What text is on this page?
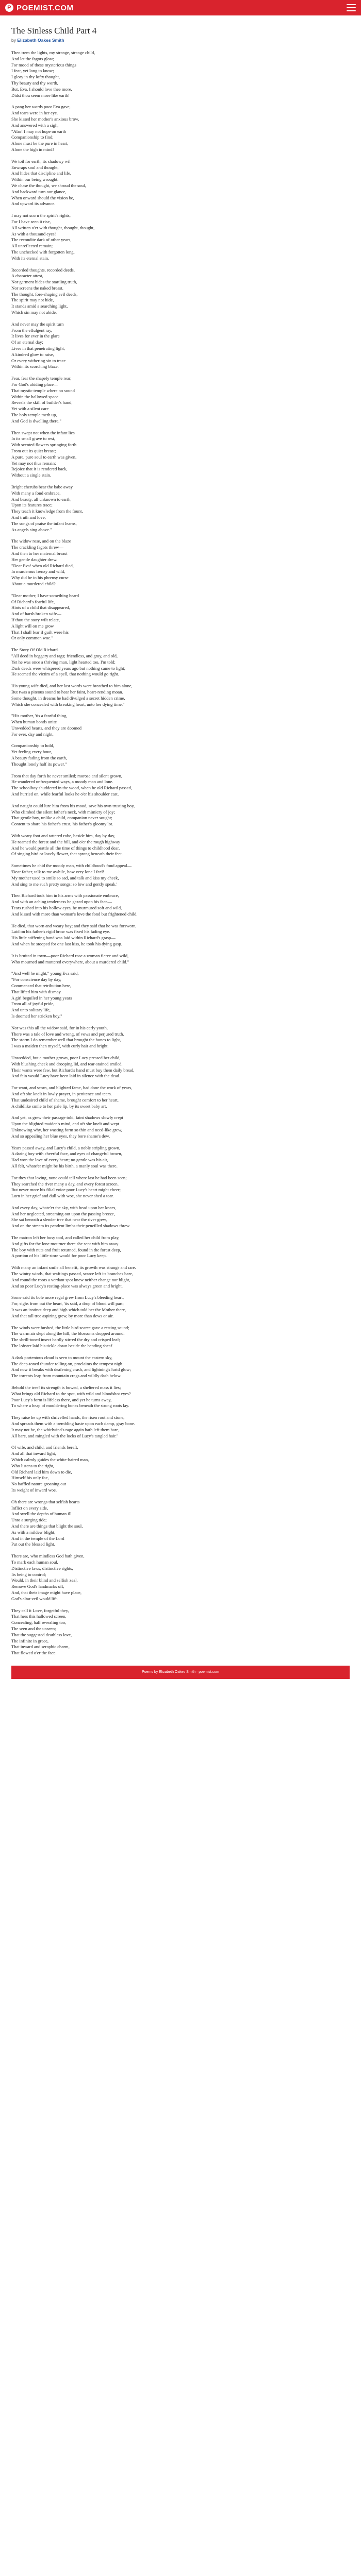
P POEMIST.COM
The Sinless Child Part 4
by Elizabeth Oakes Smith
Then trem the lights, my strange, strange child,
And let the fagots glow;
For mood of these mysterious things
I fear, yet long to know;
I glory in thy lofty thought,
Thy beauty and thy worth,
But, Eva, I should love thee more,
Didst thou seem more like earth!
A pang her words poor Eva gave,
And tears were in her eye.
She kissed her mother's anxious brow,
And answered with a sigh,
"Alas! I may not hope on earth
Companionship to find;
Alone must be the pure in heart,
Alone the high in mind!
We toil for earth, its shadowy wil
Enwraps soul and thought,
And hides that discipline and life,
Within our being wrought.
We chase the thought, we shroud the soul,
And backward turn our glance,
When onward should the vision be,
And upward its advance.
I may not scorn the spirit's rights,
For I have seen it rise,
All written o'er with thought, thought, thought,
As with a thousand eyes!
The recondite dark of other years,
All unreflected remain;
The unchecked with forgotten long,
With its eternal stain.
Recorded thoughts, recorded deeds,
A character attest,
Nor garment hides the startling truth,
Nor screens the naked breast.
The thought, fore-shaping evil deeds,
The spirit may not hide,
It stands amid a searching light,
Which sin may not abide.
And never may the spirit turn
From the effulgent ray,
It lives for ever in the glare
Of an eternal day;
Lives in that penetrating light,
A kindred glow to raise,
Or every withering sin to trace
Within its scorching blaze.
Fear, fear the shapely temple rear,
For God's abiding place—
That mystic temple where no sound
Within the hallowed space
Reveals the skill of builder's hand;
Yet with a silent care
The holy temple meth up,
And God is dwelling there."
Then swept not when the infant lies
In its small grave to rest,
With scented flowers springing forth
From out its quiet breast;
A pure, pure soul to earth was given,
Yet may not thus remain:
Rejoice that it is rendered back,
Without a single stain.
Bright cherubs bear the babe away
With many a fond embrace,
And beauty, all unknown to earth,
Upon its features trace;
They teach it knowledge from the fount,
And truth and love;
The songs of praise the infant learns,
As angels sing above."
The widow rose, and on the blaze
The crackling fagots threw—
And then to her maternal breast
Her gentle daughter drew.
"Dear Eva! when old Richard died,
In murderous frenzy and wild,
Why did he in his phrensy curse
About a murdered child?
"Dear mother, I have something heard
Of Richard's fearful life,
Hints of a child that disappeared,
And of harsh broken wife—
If thou the story wilt relate,
A light will on me grow
That I shall fear if guilt were his
Or only common woe."
The Story Of Old Richard.
"All deed in beggary and rags; friendless, and gray, and old,
Yet he was once a thriving man, light hearted too, I'm told;
Dark deeds were whispered years ago but nothing came to light;
He seemed the victim of a spell, that nothing would go right.
His young wife died, and her last words were breathed to him alone,
But twas a piteous sound to hear her faint, heart-rending moan.
Some thought, in dreams he had divulged a secret hidden crime,
Which she concealed with breaking heart, unto her dying time."
"His mother, 'tis a fearful thing,
When human bonds unite
Unwedded hearts, and they are doomed
For ever, day and night,
Companionship to hold,
Yet feeling every hour,
A beauty fading from the earth,
Thought lonely half its power."
From that day forth he never smiled; morose and silent grown,
He wandered unfrequented ways, a moody man and lone.
The schoolboy shuddered in the wood, when he old Richard passed,
And hurried on, while fearful looks he o'er his shoulder cast.
And naught could lure him from his mood, save his own trusting boy,
Who climbed the silent father's neck, with mimicry of joy;
That gentle boy, unlike a child, companion never sought;
Content to share his father's crust, his father's gloomy lot.
With weary foot and tattered robe, beside him, day by day,
He roamed the forest and the hill, and o'er the rough highway
And he would prattle all the time of things to childhood dear,
Of singing bird or lovely flower, that sprang beneath their feet.
Sometimes he chid the moody man, with childhood's fond appeal—
'Dear father, talk to me awhile, how very lone I feel!
My mother used to smile so sad, and talk and kiss my cheek,
And sing to me such pretty songs; so low and gently speak.'
Then Richard took him in his arms with passionate embrace,
And with an aching tenderness he gazed upon his face—
Tears rushed into his hollow eyes, he murmured soft and wild,
And kissed with more than woman's love the fond but frightened child.
He died, that worn and weary boy; and they said that he was forsworn,
Laid on his father's rigid brow was fixed his fading eye.
His little stiffening hand was laid within Richard's grasp—
And when he stooped for one last kiss, he took his dying gasp.
It is bruited in town—poor Richard rose a woman fierce and wild,
Who mourned and muttered everywhere, about a murdered child."
"And well he might," young Eva said,
"For conscience day by day,
Commenced that retribution here,
That lifted him with dismay.
A girl beguiled in her young years
From all of joyful pride,
And unto solitary life,
Is doomed her stricken boy."
Nor was this all the widow said, for in his early youth,
There was a tale of love and wrong, of vows and perjured truth.
The storm I do remember well that brought the bones to light,
I was a maiden then myself, with curly hair and bright.
Unwedded, but a mother grown, poor Lucy pressed her child,
With blushing cheek and drooping lid, and tear-stained smiled.
Their wants were few, but Richard's hand must buy them daily bread,
And fain would Lucy have been laid in silence with the dead.
For want, and scorn, and blighted fame, had done the work of years,
And oft she knelt in lowly prayer, in penitence and tears.
That undesired child of shame, brought comfort to her heart,
A childlike smile to her pale lip, by its sweet baby art.
And yet, as grew their passage told, faint shadows slowly crept
Upon the blighted maiden's mind, and oft she knelt and wept
Unknowing why, her wasting form so thin and need-like grew,
And so appealing her blue eyes, they bore shame's dew.
Years passed away, and Lucy's child, a noble stripling grown,
A daring boy with cheerful face, and eyes of changeful brown,
Had won the love of every heart; no gentle was his air,
All felt, whate'er might be his birth, a manly soul was there.
For they that loving, none could tell where last he had been seen;
They searched the river many a day, and every forest screen.
But never more his filial voice poor Lucy's heart might cheer;
Lorn in her grief and dull with woe, she never shed a tear.
And every day, whate'er the sky, with head upon her knees,
And her neglected, streaming out upon the passing breeze,
She sat beneath a slender tree that near the river grew,
And on the stream its pendent limbs their pencilled shadows threw.
The matron left her busy tool, and called her child from play,
And gifts for the lone mourner there she sent with him away.
The boy with nuts and fruit returned, found in the forest deep,
A portion of his little store would for poor Lucy keep.
With many an infant smile all benefit, its growth was strange and rare.
The wintry winds, that waftings passed, scarce left its branches bare,
And round the roots a verdant spot knew neither change nor blight,
And so poor Lucy's resting-place was always green and bright.
Some said its bole more regal grew from Lucy's bleeding heart,
For, sighs from out the heart, 'tis said, a drop of blood will part;
It was an instinct deep and high which told her the Mother there,
And that tall tree aspiring grew, by more than dews or air.
The winds were hushed, the little bird scarce gave a resting sound;
The warm air slept along the hill, the blossoms dropped around.
The shrill-toned insect hardly stirred the dry and crisped leaf;
The lobster laid his tickle down beside the bending sheaf.
A dark portentous cloud is seen to mount the eastern sky,
The deep-toned thunder rolling on, proclaims the tempest nigh!
And now it breaks with deafening crash, and lightning's lurid glow;
The torrents leap from mountain crags and wildly dash below.
Behold the tree! its strength is bowed, a sheltered mass it lies;
What brings old Richard to the spot, with wild and bloodshot eyes?
Poor Lucy's form is lifeless there, and yet he turns away,
To where a heap of mouldering bones beneath the strong roots lay.
They raise he up with shrivelled hands, the risen root and stone,
And spreads them with a trembling haste upon each damp, gray bone.
It may not be, the whirlwind's rage again hath left them bare,
All bare, and mingled with the locks of Lucy's tangled hair."
Of wife, and child, and friends bereft,
And all that inward light,
Which calmly guides the white-haired man,
Who listens to the right,
Old Richard laid him down to die,
Himself his only foe,
No baffled nature groaning out
Its weight of inward woe.
Oh there are wrongs that selfish hearts
Inflict on every side,
And swell the depths of human ill
Unto a surging tide;
And there are things that blight the soul,
As with a mildew blight,
And in the temple of the Lord
Put out the blessed light.
There are, who mindless God hath given,
To mark each human soul,
Distinctive laws, distinctive rights,
Its being to control;
Would, in their blind and selfish zeal,
Remove God's landmarks off,
And, that their image might have place,
God's altar veil would lift.
They call it Love, forgetful they,
That hers this hallowed screen,
Concealing, half revealing too,
The seen and the unseen;
That the suggested deathless love,
The infinite in grace,
That inward and seraphic charm,
That flowed o'er the face.
Poems by Elizabeth Oakes Smith · poemist.com
